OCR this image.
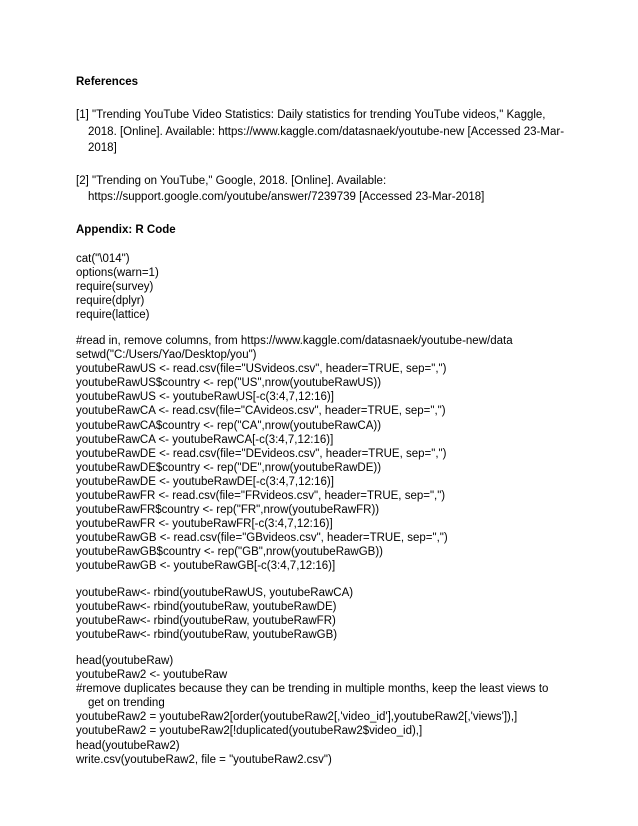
References

[1] "Trending YouTube Video Statistics: Daily statistics for trending YouTube videos," Kaggle, 2018. [Online]. Available: https://www.kaggle.com/datasnaek/youtube-new [Accessed 23-Mar-2018]

[2] "Trending on YouTube," Google, 2018. [Online]. Available: https://support.google.com/youtube/answer/7239739 [Accessed 23-Mar-2018]

Appendix: R Code

cat("\014")

options(warn=1)

require(survey)

require(dplyr)

require(lattice)

#read in, remove columns, from https://www.kaggle.com/datasnaek/youtube-new/data

setwd("C:/Users/Yao/Desktop/you")

youtubeRawUS <- read.csv(file="USvideos.csv", header=TRUE, sep=",")

youtubeRawUS$country <- rep("US",nrow(youtubeRawUS))

youtubeRawUS <- youtubeRawUS[-c(3:4,7,12:16)]

youtubeRawCA <- read.csv(file="CAvideos.csv", header=TRUE, sep=",")

youtubeRawCA$country <- rep("CA",nrow(youtubeRawCA))

youtubeRawCA <- youtubeRawCA[-c(3:4,7,12:16)]

youtubeRawDE <- read.csv(file="DEvideos.csv", header=TRUE, sep=",")

youtubeRawDE$country <- rep("DE",nrow(youtubeRawDE))

youtubeRawDE <- youtubeRawDE[-c(3:4,7,12:16)]

youtubeRawFR <- read.csv(file="FRvideos.csv", header=TRUE, sep=",")

youtubeRawFR$country <- rep("FR",nrow(youtubeRawFR))

youtubeRawFR <- youtubeRawFR[-c(3:4,7,12:16)]

youtubeRawGB <- read.csv(file="GBvideos.csv", header=TRUE, sep=",")

youtubeRawGB$country <- rep("GB",nrow(youtubeRawGB))

youtubeRawGB <- youtubeRawGB[-c(3:4,7,12:16)]

youtubeRaw<- rbind(youtubeRawUS, youtubeRawCA)

youtubeRaw<- rbind(youtubeRaw, youtubeRawDE)

youtubeRaw<- rbind(youtubeRaw, youtubeRawFR)

youtubeRaw<- rbind(youtubeRaw, youtubeRawGB)

head(youtubeRaw)

youtubeRaw2 <- youtubeRaw

#remove duplicates because they can be trending in multiple months, keep the least views to get on trending

youtubeRaw2 = youtubeRaw2[order(youtubeRaw2[,'video_id'],youtubeRaw2[,'views']),]

youtubeRaw2 = youtubeRaw2[!duplicated(youtubeRaw2$video_id),]

head(youtubeRaw2)

write.csv(youtubeRaw2, file = "youtubeRaw2.csv")
